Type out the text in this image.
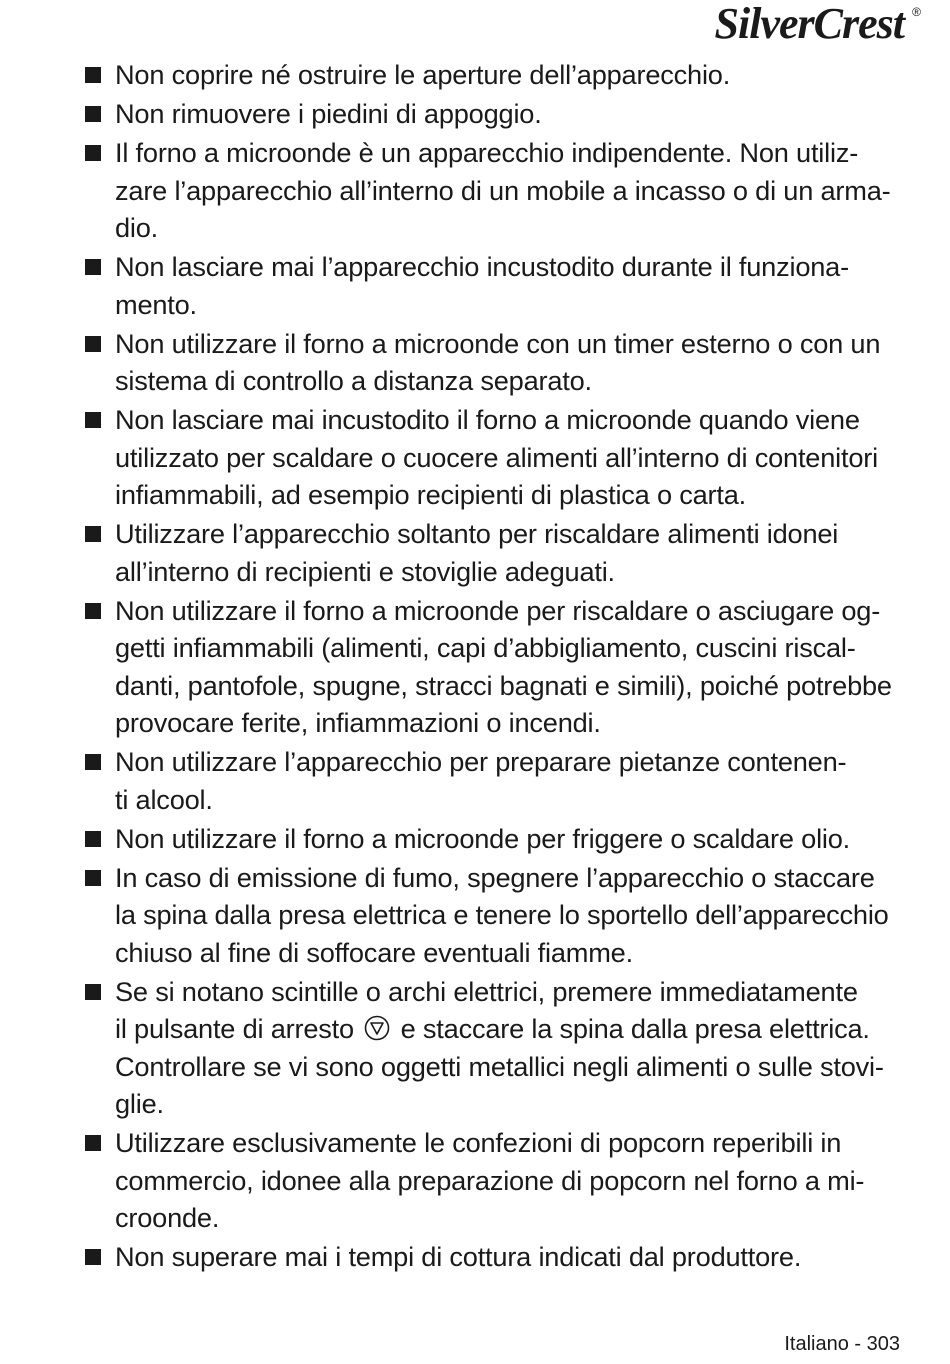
SilverCrest ®
Non coprire né ostruire le aperture dell’apparecchio.
Non rimuovere i piedini di appoggio.
Il forno a microonde è un apparecchio indipendente. Non utiliz-
zare l’apparecchio all’interno di un mobile a incasso o di un arma-
dio.
Non lasciare mai l’apparecchio incustodito durante il funziona-
mento.
Non utilizzare il forno a microonde con un timer esterno o con un
sistema di controllo a distanza separato.
Non lasciare mai incustodito il forno a microonde quando viene
utilizzato per scaldare o cuocere alimenti all’interno di contenitori
infiammabili, ad esempio recipienti di plastica o carta.
Utilizzare l’apparecchio soltanto per riscaldare alimenti idonei
all’interno di recipienti e stoviglie adeguati.
Non utilizzare il forno a microonde per riscaldare o asciugare og-
getti infiammabili (alimenti, capi d’abbigliamento, cuscini riscal-
danti, pantofole, spugne, stracci bagnati e simili), poiché potrebbe
provocare ferite, infiammazioni o incendi.
Non utilizzare l’apparecchio per preparare pietanze contenen-
ti alcool.
Non utilizzare il forno a microonde per friggere o scaldare olio.
In caso di emissione di fumo, spegnere l’apparecchio o staccare
la spina dalla presa elettrica e tenere lo sportello dell’apparecchio
chiuso al fine di soffocare eventuali fiamme.
Se si notano scintille o archi elettrici, premere immediatamente
il pulsante di arresto e staccare la spina dalla presa elettrica.
Controllare se vi sono oggetti metallici negli alimenti o sulle stovi-
glie.
Utilizzare esclusivamente le confezioni di popcorn reperibili in
commercio, idonee alla preparazione di popcorn nel forno a mi-
croonde.
Non superare mai i tempi di cottura indicati dal produttore.
Italiano - 303
